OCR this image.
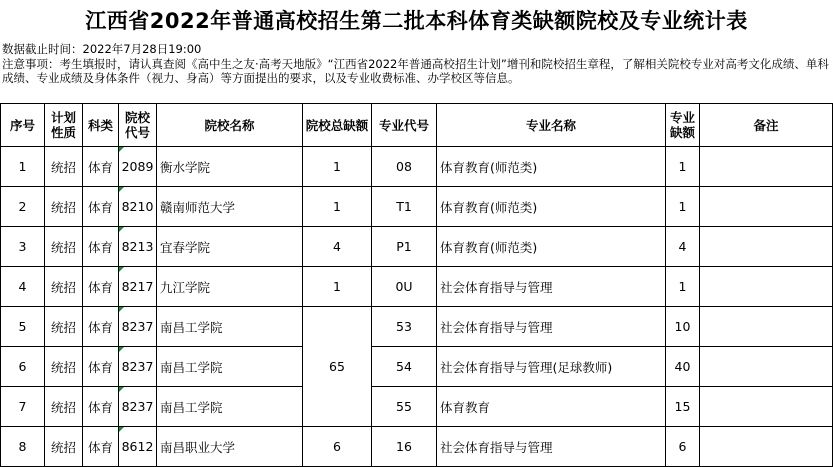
江西省2022年普通高校招生第二批本科体育类缺额院校及专业统计表
数据截止时间：2022年7月28日19:00
注意事项：考生填报时，请认真查阅《高中生之友·高考天地版》“江西省2022年普通高校招生计划”增刊和院校招生章程，了解相关院校专业对高考文化成绩、单科成绩、专业成绩及身体条件（视力、身高）等方面提出的要求，以及专业收费标准、办学校区等信息。
序号	计划性质	科类	院校代号	院校名称	院校总缺额	专业代号	专业名称	专业缺额	备注
1	统招	体育	2089	衡水学院	1	08	体育教育(师范类)	1	
2	统招	体育	8210	赣南师范大学	1	T1	体育教育(师范类)	1	
3	统招	体育	8213	宜春学院	4	P1	体育教育(师范类)	4	
4	统招	体育	8217	九江学院	1	0U	社会体育指导与管理	1	
5	统招	体育	8237	南昌工学院	65	53	社会体育指导与管理	10	
6	统招	体育	8237	南昌工学院		54	社会体育指导与管理(足球教师)	40	
7	统招	体育	8237	南昌工学院		55	体育教育	15	
8	统招	体育	8612	南昌职业大学	6	16	社会体育指导与管理	6	
